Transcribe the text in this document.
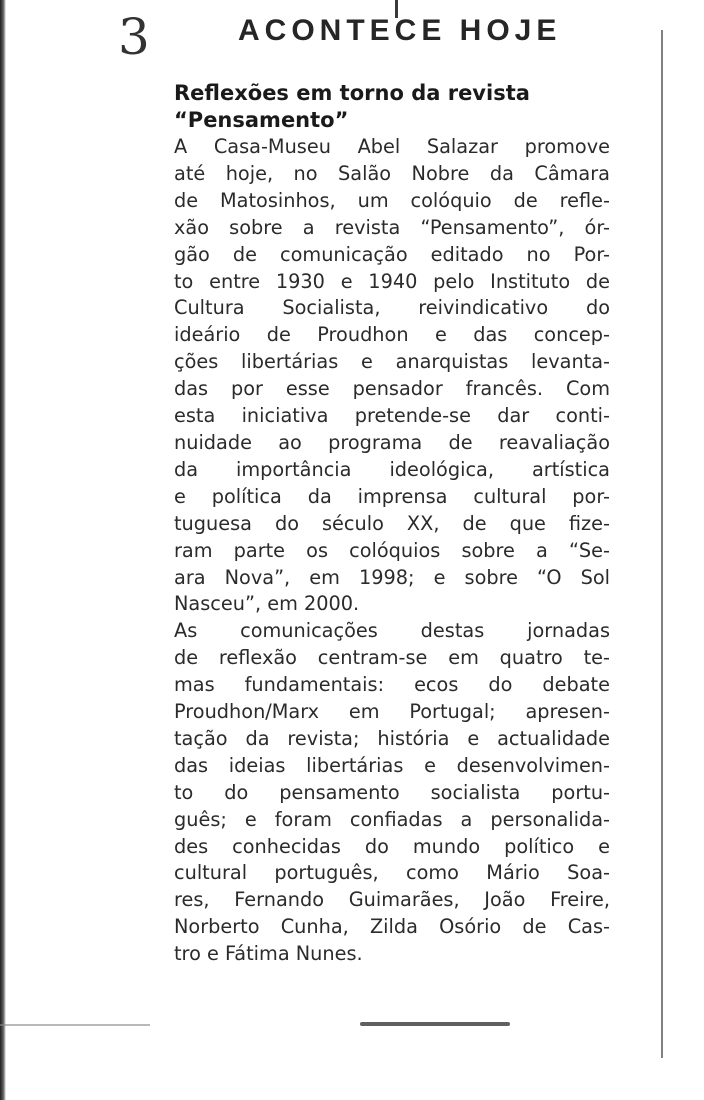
3	ACONTECE HOJE
Reflexões em torno da revista
“Pensamento”

A Casa-Museu Abel Salazar promove
até hoje, no Salão Nobre da Câmara
de Matosinhos, um colóquio de refle-
xão sobre a revista “Pensamento”, ór-
gão de comunicação editado no Por-
to entre 1930 e 1940 pelo Instituto de
Cultura Socialista, reivindicativo do
ideário de Proudhon e das concep-
ções libertárias e anarquistas levanta-
das por esse pensador francês. Com
esta iniciativa pretende-se dar conti-
nuidade ao programa de reavaliação
da importância ideológica, artística
e política da imprensa cultural por-
tuguesa do século XX, de que fize-
ram parte os colóquios sobre a “Se-
ara Nova”, em 1998; e sobre “O Sol
Nasceu”, em 2000.

As comunicações destas jornadas
de reflexão centram-se em quatro te-
mas fundamentais: ecos do debate
Proudhon/Marx em Portugal; apresen-
tação da revista; história e actualidade
das ideias libertárias e desenvolvimen-
to do pensamento socialista portu-
guês; e foram confiadas a personalida-
des conhecidas do mundo político e
cultural português, como Mário Soa-
res, Fernando Guimarães, João Freire,
Norberto Cunha, Zilda Osório de Cas-
tro e Fátima Nunes.
